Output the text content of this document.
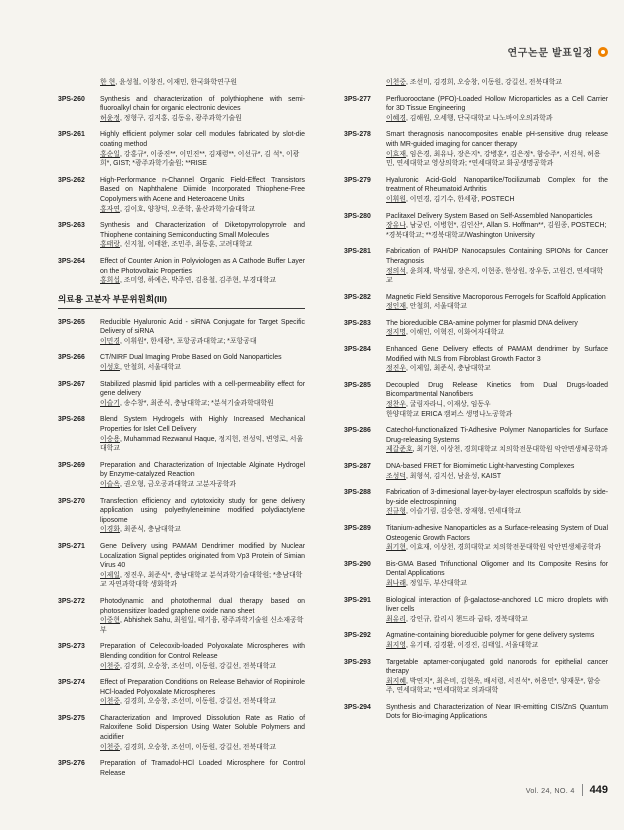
연구논문 발표일정
한 현, 윤성철, 이창진, 이재민, 한국화학연구원
3PS-260	Synthesis and characterization of polythiophene with semi-fluoroalkyl chain for organic electronic devices
허윤정, 정형구, 김지홍, 김동유, 광주과학기술원
3PS-261	Highly efficient polymer solar cell modules fabricated by slot-die coating method
홍순일, 강홍규*, 이종진**, 이민진**, 김재령**, 이선규*, 김 석*, 이광희*, GIST; *광주과학기술원; **RISE
3PS-262	High-Performance n-Channel Organic Field-Effect Transistors Based on Naphthalene Diimide Incorporated Thiophene-Free Copolymers with Acene and Heteroacene Units
홍자연, 김이호, 양창덕, 오준학, 울산과학기술대학교
3PS-263	Synthesis and Characterization of Diketopyrrolopyrrole and Thiophene containing Semiconducting Small Molecules
홍태랑, 신지철, 이태완, 조민주, 최동훈, 고려대학교
3PS-264	Effect of Counter Anion in Polyviologen as A Cathode Buffer Layer on the Photovoltaic Properties
홍희섭, 조미영, 하예은, 박주연, 김용철, 김주현, 부경대학교
의료용 고분자 부문위원회(III)
3PS-265	Reducible Hyaluronic Acid - siRNA Conjugate for Target Specific Delivery of siRNA
이민경, 이휘원*, 한세광*, 포항공과대학교; *포항공대
3PS-266	CT/NIRF Dual Imaging Probe Based on Gold Nanoparticles
이성호, 안철희, 서울대학교
3PS-267	Stabilized plasmid lipid particles with a cell-permeability effect for gene delivery
이슬기, 송수창*, 최준식, 충남대학교; *분석기술과학대학원
3PS-268	Blend System Hydrogels with Highly Increased Mechanical Properties for Islet Cell Delivery
이승용, Muhammad Rezwanul Haque, 정지헌, 전성익, 변영로, 서울대학교
3PS-269	Preparation and Characterization of Injectable Alginate Hydrogel by Enzyme-catalyzed Reaction
이슬옥, 권오형, 금오공과대학교 고분자공학과
3PS-270	Transfection efficiency and cytotoxicity study for gene delivery application using polyethyleneimine modified polydiactylene liposome
이경화, 최준식, 충남대학교
3PS-271	Gene Delivery using PAMAM Dendrimer modified by Nuclear Localization Signal peptides originated from Vp3 Protein of Simian Virus 40
이제일, 정진우, 최준식*, 충남대학교 분석과학기술대학원; *충남대학교 자연과학대학 생화학과
3PS-272	Photodynamic and photothermal dual therapy based on photosensitizer loaded graphene oxide nano sheet
이중현, Abhishek Sahu, 최원일, 태기융, 광주과학기술원 신소재공학부
3PS-273	Preparation of Celecoxib-loaded Polyoxalate Microspheres with Blending condition for Control Release
이천중, 김경희, 오승창, 조선미, 이동원, 강길선, 전북대학교
3PS-274	Effect of Preparation Conditions on Release Behavior of Ropinirole HCl-loaded Polyoxalate Microspheres
이천중, 김경희, 오승창, 조선미, 이동원, 강길선, 전북대학교
3PS-275	Characterization and Improved Dissolution Rate as Ratio of Raloxifene Solid Dispersion Using Water Soluble Polymers and acidifier
이천중, 김경희, 오승창, 조선미, 이동원, 강길선, 전북대학교
3PS-276	Preparation of Tramadol-HCl Loaded Microsphere for Control Release
이천중, 조선미, 김경희, 오승창, 이동원, 강길선, 전북대학교
3PS-277	Perfluorooctane (PFO)-Loaded Hollow Microparticles as a Cell Carrier for 3D Tissue Engineering
이혜경, 김해원, 오세행, 단국대학교 나노바이오의과학과
3PS-278	Smart theragnosis nanocomposites enable pH-sensitive drug release with MR-guided imaging for cancer therapy
이효재, 임은경, 최유나, 장은지*, 강병훈*, 김은정*, 함승주*, 서진석, 허용민, 연세대학교 영상의학과; *연세대학교 화공생명공학과
3PS-279	Hyaluronic Acid-Gold Nanopartilce/Tocilizumab Complex for the treatment of Rheumatoid Arthritis
이휘원, 이민경, 김기수, 한세광, POSTECH
3PS-280	Paclitaxel Delivery System Based on Self-Assembled Nanoparticles
장유나, 남궁린, 이병헌*, 김인산*, Allan S. Hoffman**, 김원종, POSTECH; *경북대학교; **경북대학교/Washington University
3PS-281	Fabrication of PAH/DP Nanocapsules Containing SPIONs for Cancer Theragnosis
정의석, 윤희재, 박성필, 장은지, 이현종, 한상원, 장우동, 고원건, 연세대학교
3PS-282	Magnetic Field Sensitive Macroporous Ferrogels for Scaffold Application
정인재, 안철희, 서울대학교
3PS-283	The bioreducible CBA-amine polymer for plasmid DNA delivery
정지명, 이해인, 이혁진, 이화여자대학교
3PS-284	Enhanced Gene Delivery effects of PAMAM dendrimer by Surface Modified with NLS from Fibroblast Growth Factor 3
정진우, 이제일, 최준식, 충남대학교
3PS-285	Decoupled Drug Release Kinetics from Dual Drugs-loaded Bicompartmental Nanofibers
정찬우, 굴림자라니, 이재상, 임동우
한양대학교 ERICA 캠퍼스 생명나노공학과
3PS-286	Catechol-functionalized Ti-Adhesive Polymer Nanoparticles for Surface Drug-releasing Systems
제갈준호, 최기현, 이상천, 경희대학교 치의학전문대학원 악안면생체공학과
3PS-287	DNA-based FRET for Biomimetic Light-harvesting Complexes
조성덕, 최형석, 김지선, 남윤성, KAIST
3PS-288	Fabrication of 3-dimesional layer-by-layer electrospun scaffolds by side-by-side electrospinning
진규형, 이슬기림, 김승현, 장재형, 연세대학교
3PS-289	Titanium-adhesive Nanoparticles as a Surface-releasing System of Dual Osteogenic Growth Factors
최기현, 이효재, 이상천, 경희대학교 치의학전문대학원 악안면생체공학과
3PS-290	Bis-GMA Based Trifunctional Oligomer and Its Composite Resins for Dental Applications
최나래, 정일두, 부산대학교
3PS-291	Biological interaction of β-galactose-anchored LC micro droplets with liver cells
최유리, 강인규, 칼리시 챈드라 굽타, 경북대학교
3PS-292	Agmatine-containing bioreducible polymer for gene delivery systems
최지영, 유기태, 김경환, 이경진, 김태일, 서울대학교
3PS-293	Targetable aptamer-conjugated gold nanorods for epithelial cancer therapy
최지혜, 박연지*, 최은비, 김현욱, 배서령, 서진석*, 허용민*, 양재문*, 함승주, 연세대학교; *연세대학교 의과대학
3PS-294	Synthesis and Characterization of Near IR-emitting CIS/ZnS Quantum Dots for Bio-imaging Applications
Vol. 24, NO. 4 449
